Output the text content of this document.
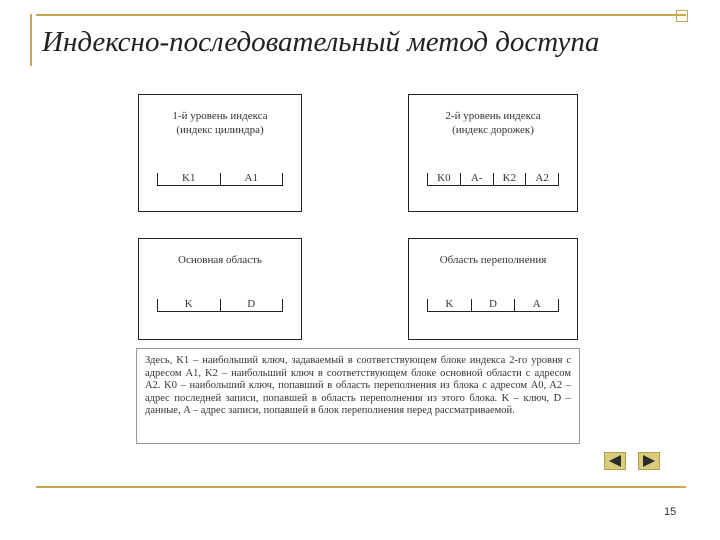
Индексно-последовательный метод доступа
1-й уровень индекса
(индекс цилиндра)
K1	A1
2-й уровень индекса
(индекс дорожек)
K0	A-	K2	A2
Основная область
K	D
Область переполнения
K	D	A
Здесь, K1 – наибольший ключ, задаваемый в соответствующем блоке индекса 2-го уровня с адресом A1, K2 – наибольший ключ в соответствующем блоке основной области с адресом A2. K0 – наибольший ключ, попавший в область переполнения из блока с адресом A0, A2 – адрес последней записи, попавшей в область переполнения из этого блока. K – ключ, D – данные, A – адрес записи, попавшей в блок переполнения перед рассматриваемой.
15
